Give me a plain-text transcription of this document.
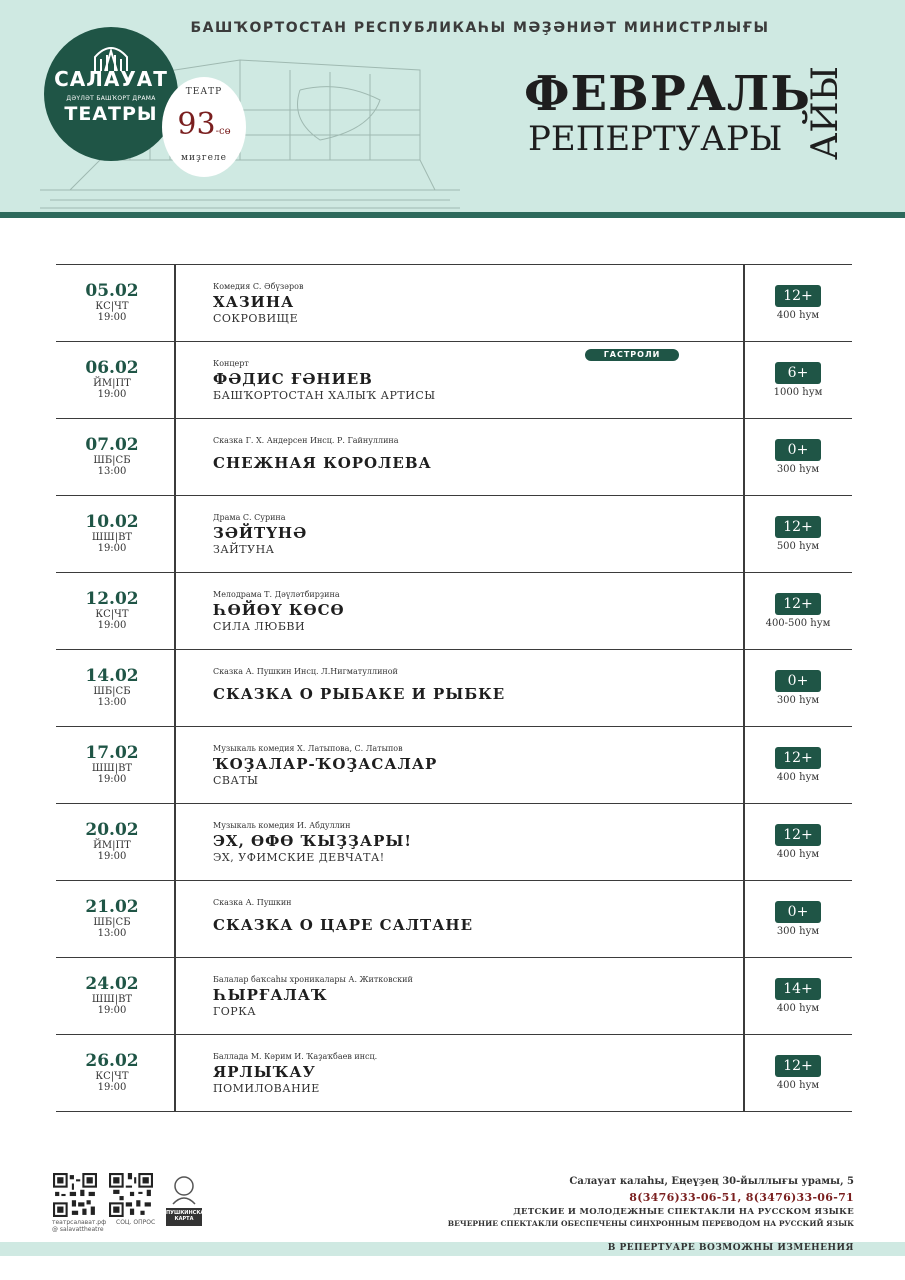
БАШҠОРТОСТАН РЕСПУБЛИКАҺЫ МӘҘӘНИӘТ МИНИСТРЛЫҒЫ
САЛАУАТ
ДӘҮЛӘТ БАШҠОРТ ДРАМА
ТЕАТРЫ
ТЕАТР
93-сө
миҙгеле
ФЕВРАЛЬ
РЕПЕРТУАРЫ АЙЫ
05.02
КС|ЧТ
19:00
Комедия С. Әбүзәров
ХАЗИНА
СОКРОВИЩЕ
12+
400 һум
06.02
ЙМ|ПТ
19:00
Концерт
ФӘДИС ҒӘНИЕВ
БАШҠОРТОСТАН ХАЛЫҠ АРТИСЫ
ГАСТРОЛИ
6+
1000 һум
07.02
ШБ|СБ
13:00
Сказка Г. Х. Андерсен Инсц. Р. Гайнуллина
СНЕЖНАЯ КОРОЛЕВА
0+
300 һум
10.02
ШШ|ВТ
19:00
Драма С. Сурина
ЗӘЙТҮНӘ
ЗАЙТУНА
12+
500 һум
12.02
КС|ЧТ
19:00
Мелодрама Т. Дәүләтбирҙина
ҺӨЙӨҮ КӨСӨ
СИЛА ЛЮБВИ
12+
400-500 һум
14.02
ШБ|СБ
13:00
Сказка А. Пушкин Инсц. Л.Нигматуллиной
СКАЗКА О РЫБАКЕ И РЫБКЕ
0+
300 һум
17.02
ШШ|ВТ
19:00
Музыкаль комедия Х. Латыпова, С. Латыпов
ҠОҘАЛАР-ҠОҘАСАЛАР
СВАТЫ
12+
400 һум
20.02
ЙМ|ПТ
19:00
Музыкаль комедия И. Абдуллин
ЭХ, ӨФӨ ҠЫҘҘАРЫ!
ЭХ, УФИМСКИЕ ДЕВЧАТА!
12+
400 һум
21.02
ШБ|СБ
13:00
Сказка А. Пушкин
СКАЗКА О ЦАРЕ САЛТАНЕ
0+
300 һум
24.02
ШШ|ВТ
19:00
Балалар баҡсаһы хроникалары А. Житковский
ҺЫРҒАЛАҠ
ГОРКА
14+
400 һум
26.02
КС|ЧТ
19:00
Баллада М. Кәрим И. Ҡаҙаҡбаев инсц.
ЯРЛЫҠАУ
ПОМИЛОВАНИЕ
12+
400 һум
театрсалават.рф
@ salavattheatre
СОЦ. ОПРОС
ПУШКИНСКАЯ КАРТА
Салауат калаһы, Еңеүҙең 30-йыллығы урамы, 5
8(3476)33-06-51, 8(3476)33-06-71
ДЕТСКИЕ И МОЛОДЕЖНЫЕ СПЕКТАКЛИ НА РУССКОМ ЯЗЫКЕ
ВЕЧЕРНИЕ СПЕКТАКЛИ ОБЕСПЕЧЕНЫ СИНХРОННЫМ ПЕРЕВОДОМ НА РУССКИЙ ЯЗЫК
В РЕПЕРТУАРЕ ВОЗМОЖНЫ ИЗМЕНЕНИЯ
